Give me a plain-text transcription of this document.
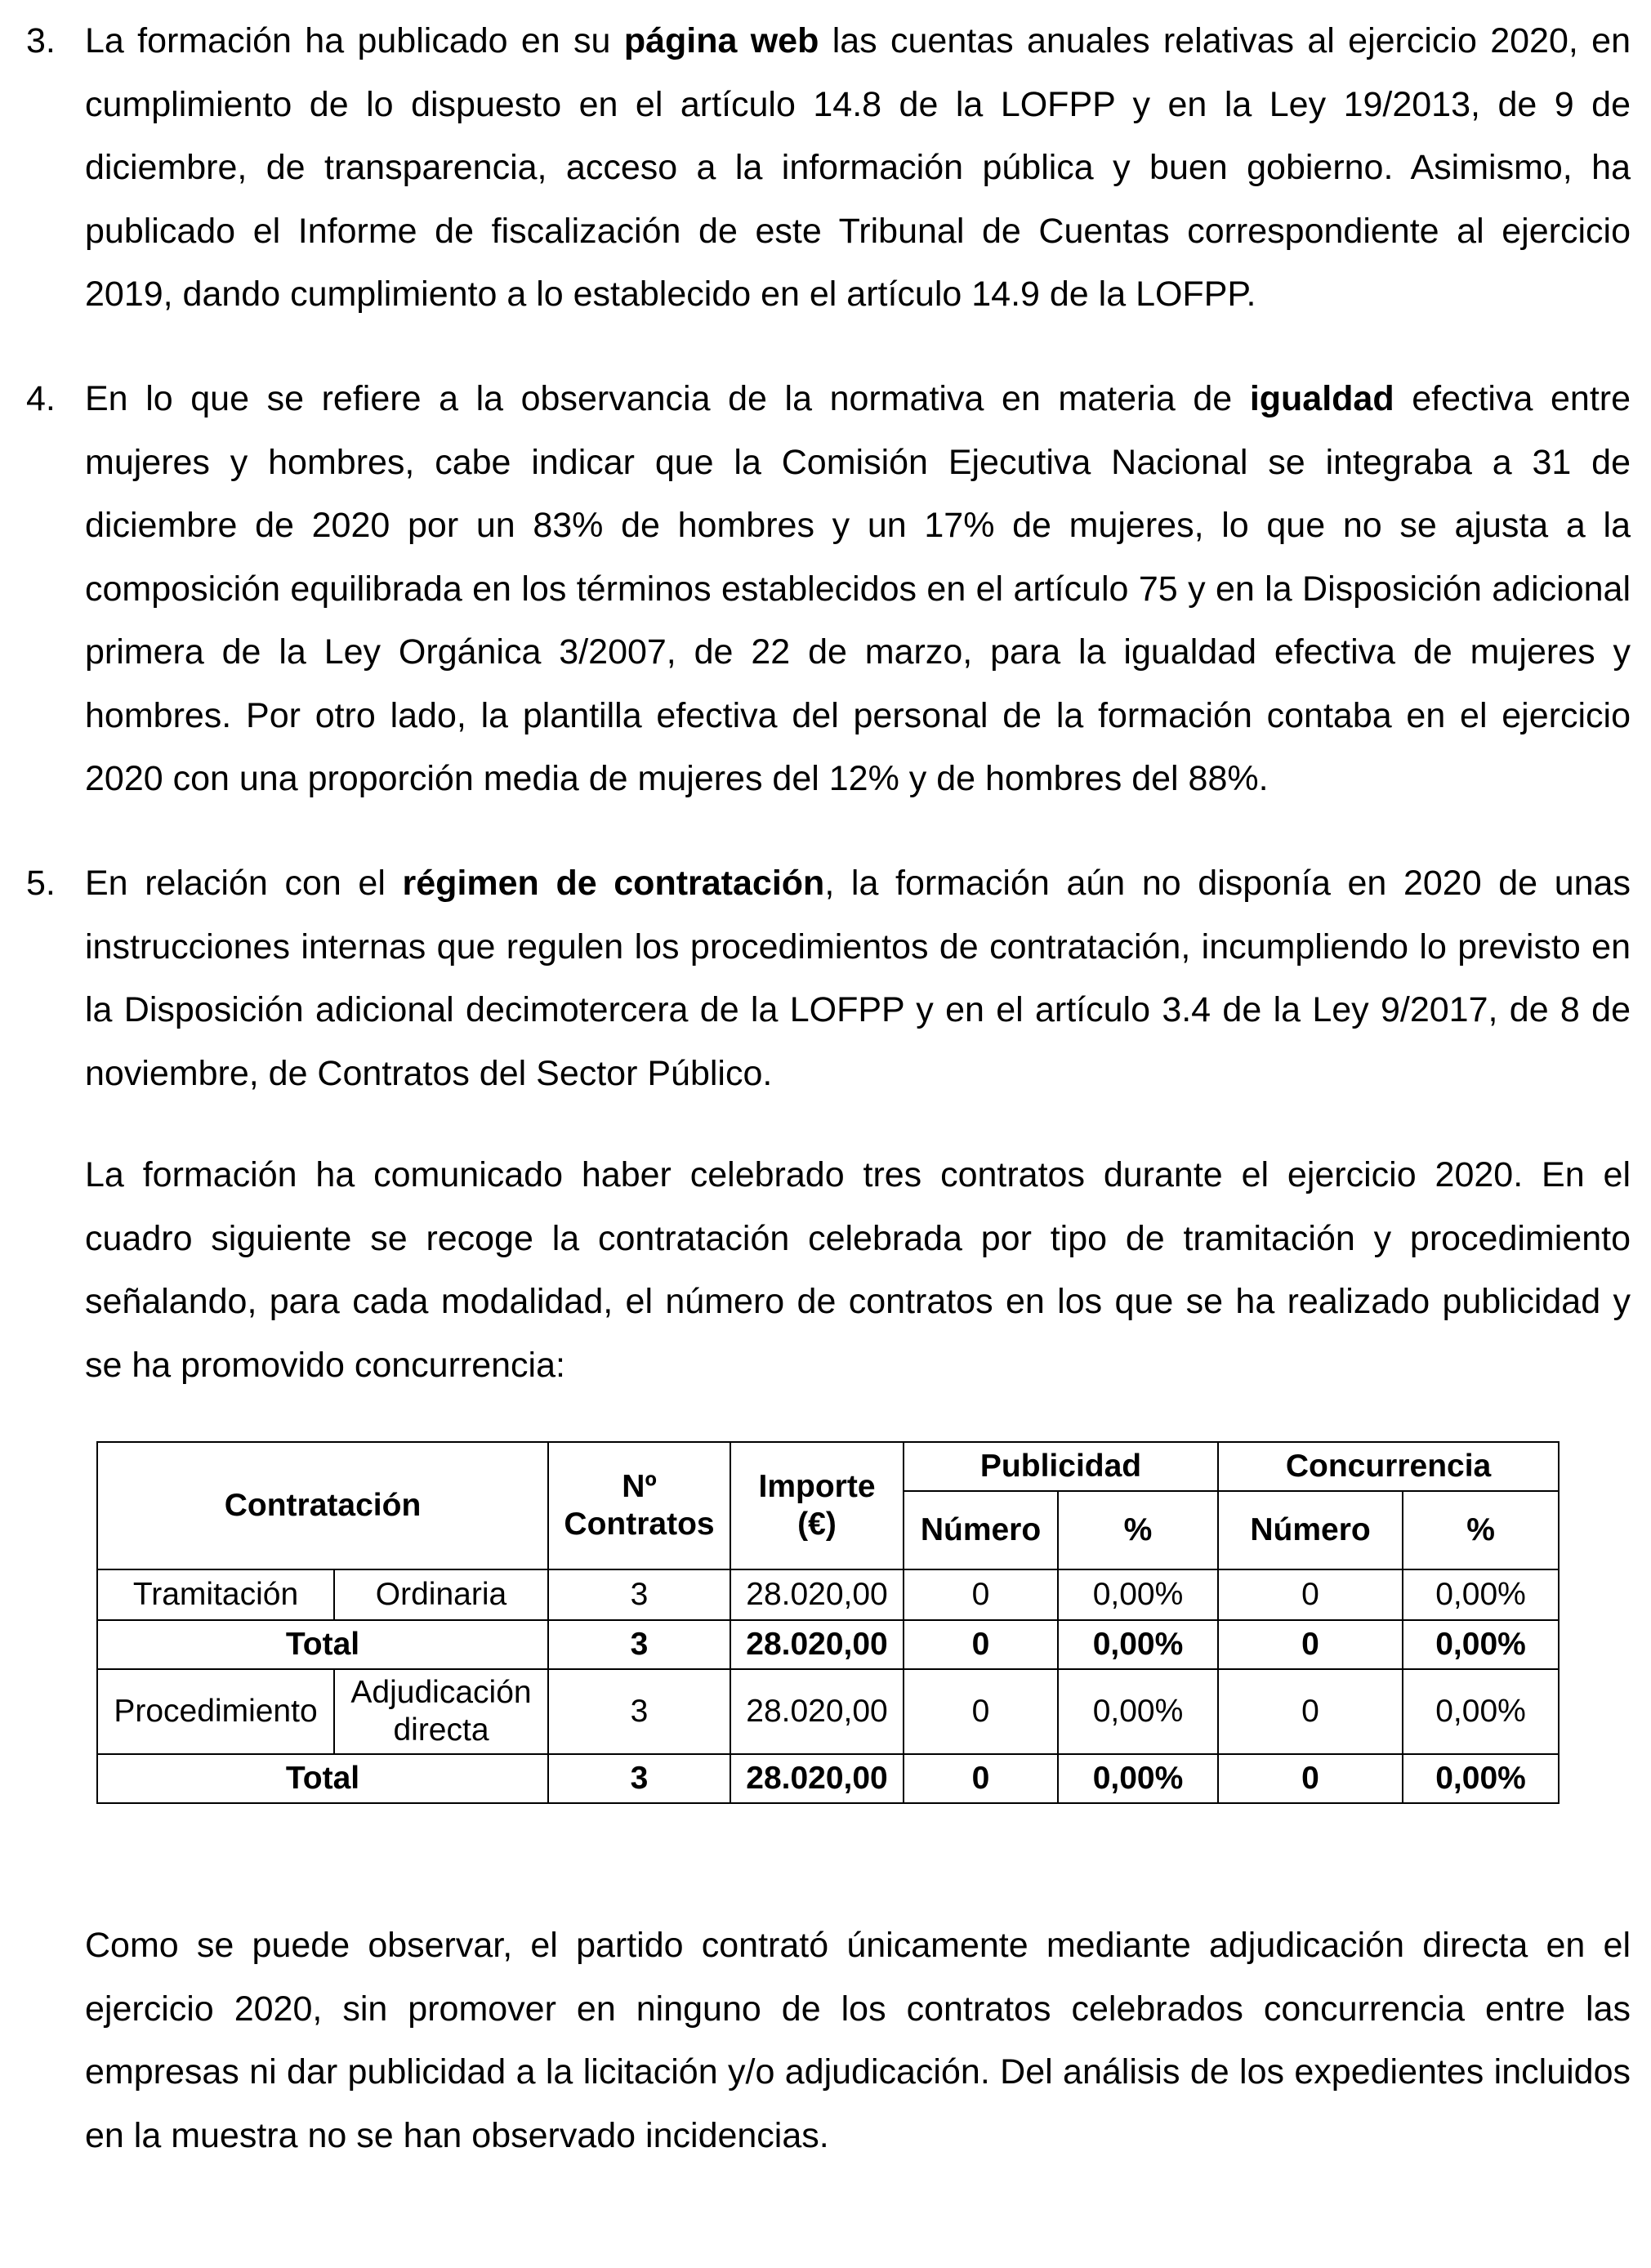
3. La formación ha publicado en su página web las cuentas anuales relativas al ejercicio 2020, en cumplimiento de lo dispuesto en el artículo 14.8 de la LOFPP y en la Ley 19/2013, de 9 de diciembre, de transparencia, acceso a la información pública y buen gobierno. Asimismo, ha publicado el Informe de fiscalización de este Tribunal de Cuentas correspondiente al ejercicio 2019, dando cumplimiento a lo establecido en el artículo 14.9 de la LOFPP.
4. En lo que se refiere a la observancia de la normativa en materia de igualdad efectiva entre mujeres y hombres, cabe indicar que la Comisión Ejecutiva Nacional se integraba a 31 de diciembre de 2020 por un 83% de hombres y un 17% de mujeres, lo que no se ajusta a la composición equilibrada en los términos establecidos en el artículo 75 y en la Disposición adicional primera de la Ley Orgánica 3/2007, de 22 de marzo, para la igualdad efectiva de mujeres y hombres. Por otro lado, la plantilla efectiva del personal de la formación contaba en el ejercicio 2020 con una proporción media de mujeres del 12% y de hombres del 88%.
5. En relación con el régimen de contratación, la formación aún no disponía en 2020 de unas instrucciones internas que regulen los procedimientos de contratación, incumpliendo lo previsto en la Disposición adicional decimotercera de la LOFPP y en el artículo 3.4 de la Ley 9/2017, de 8 de noviembre, de Contratos del Sector Público.
La formación ha comunicado haber celebrado tres contratos durante el ejercicio 2020. En el cuadro siguiente se recoge la contratación celebrada por tipo de tramitación y procedimiento señalando, para cada modalidad, el número de contratos en los que se ha realizado publicidad y se ha promovido concurrencia:
Contratación		Nº Contratos	Importe (€)	Publicidad		Concurrencia	
				Número	%	Número	%
Tramitación	Ordinaria	3	28.020,00	0	0,00%	0	0,00%
Total		3	28.020,00	0	0,00%	0	0,00%
Procedimiento	Adjudicación directa	3	28.020,00	0	0,00%	0	0,00%
Total		3	28.020,00	0	0,00%	0	0,00%
Como se puede observar, el partido contrató únicamente mediante adjudicación directa en el ejercicio 2020, sin promover en ninguno de los contratos celebrados concurrencia entre las empresas ni dar publicidad a la licitación y/o adjudicación. Del análisis de los expedientes incluidos en la muestra no se han observado incidencias.
